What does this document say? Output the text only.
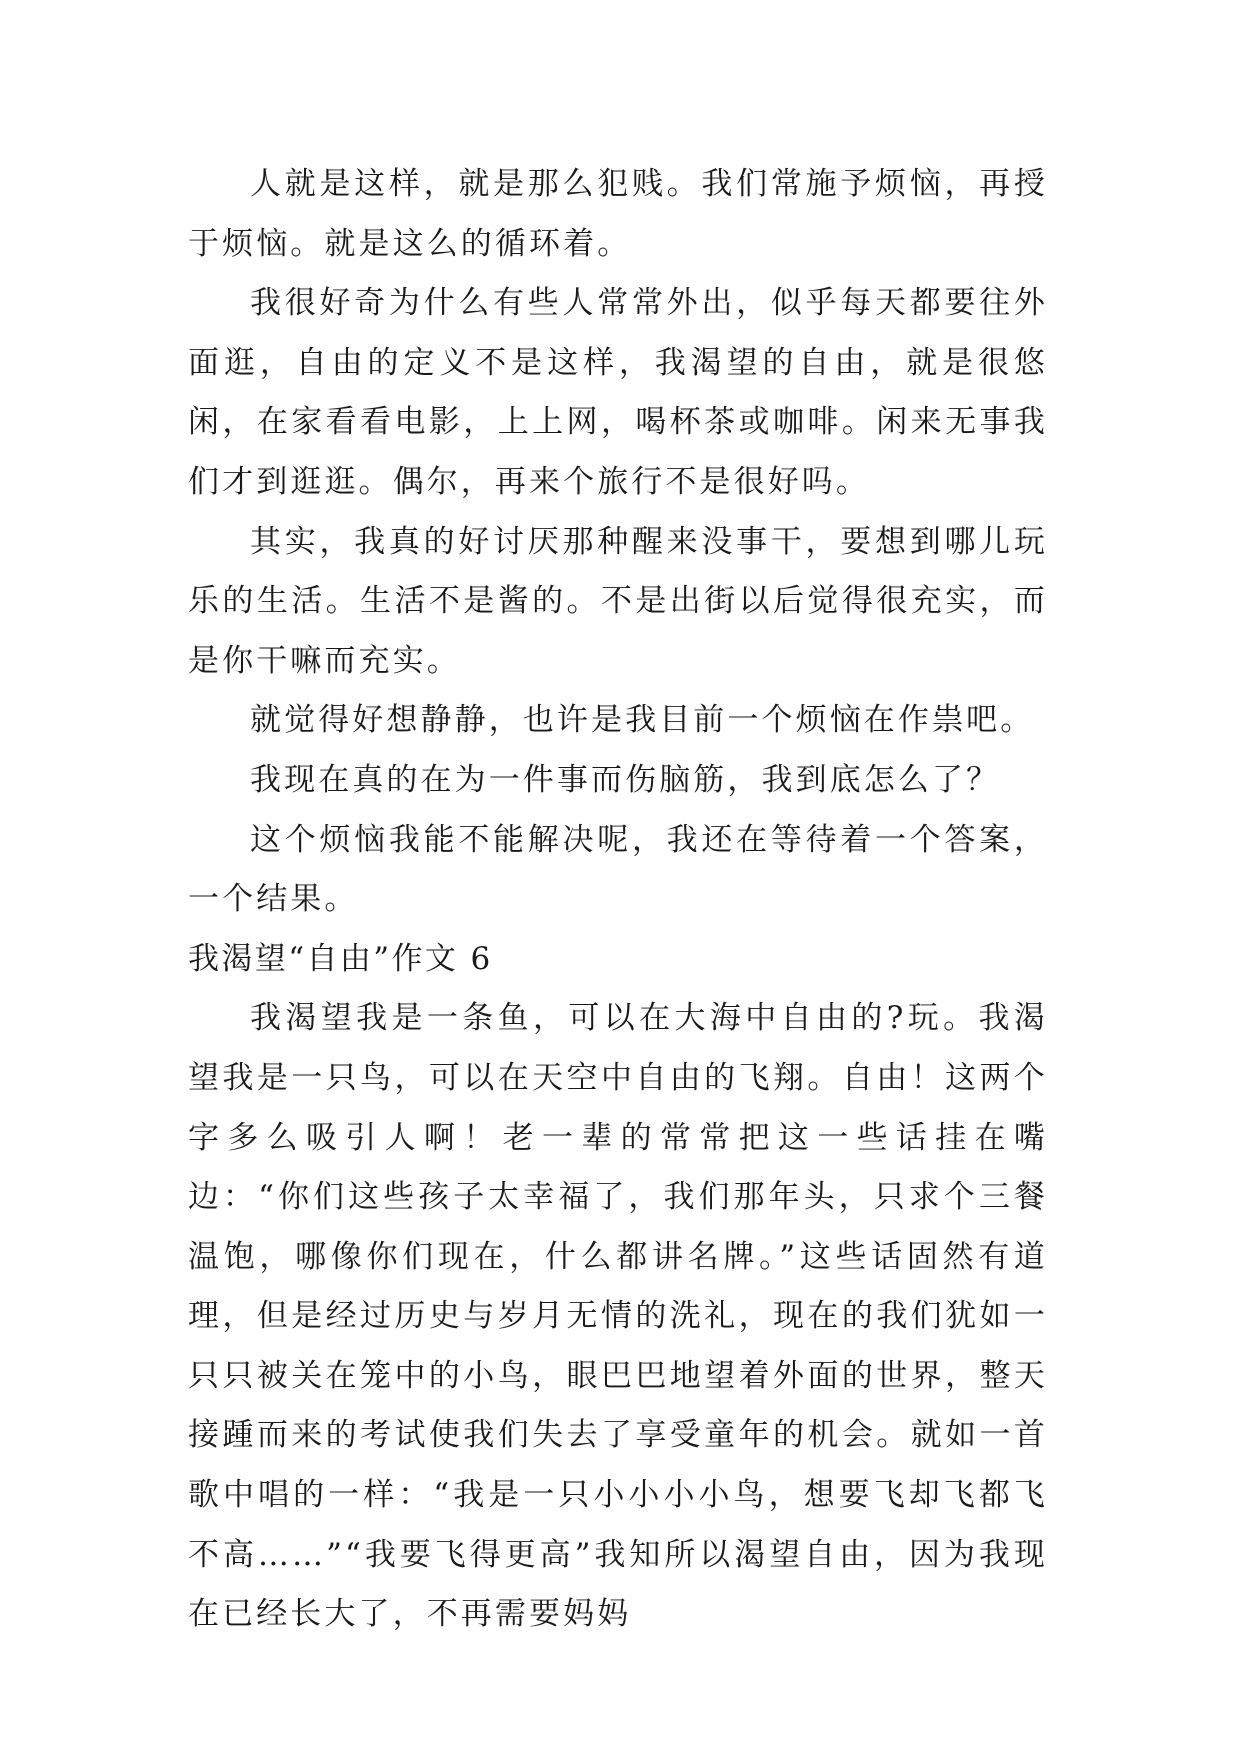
人就是这样，就是那么犯贱。我们常施予烦恼，再授于烦恼。就是这么的循环着。

我很好奇为什么有些人常常外出，似乎每天都要往外面逛，自由的定义不是这样，我渴望的自由，就是很悠闲，在家看看电影，上上网，喝杯茶或咖啡。闲来无事我们才到逛逛。偶尔，再来个旅行不是很好吗。

其实，我真的好讨厌那种醒来没事干，要想到哪儿玩乐的生活。生活不是酱的。不是出街以后觉得很充实，而是你干嘛而充实。

就觉得好想静静，也许是我目前一个烦恼在作祟吧。

我现在真的在为一件事而伤脑筋，我到底怎么了？

这个烦恼我能不能解决呢，我还在等待着一个答案，一个结果。

我渴望“自由”作文 6

我渴望我是一条鱼，可以在大海中自由的?玩。我渴望我是一只鸟，可以在天空中自由的飞翔。自由！这两个字多么吸引人啊！老一辈的常常把这一些话挂在嘴边：“你们这些孩子太幸福了，我们那年头，只求个三餐温饱，哪像你们现在，什么都讲名牌。”这些话固然有道理，但是经过历史与岁月无情的洗礼，现在的我们犹如一只只被关在笼中的小鸟，眼巴巴地望着外面的世界，整天接踵而来的考试使我们失去了享受童年的机会。就如一首歌中唱的一样：“我是一只小小小小鸟，想要飞却飞都飞不高……”“我要飞得更高”我知所以渴望自由，因为我现在已经长大了，不再需要妈妈
